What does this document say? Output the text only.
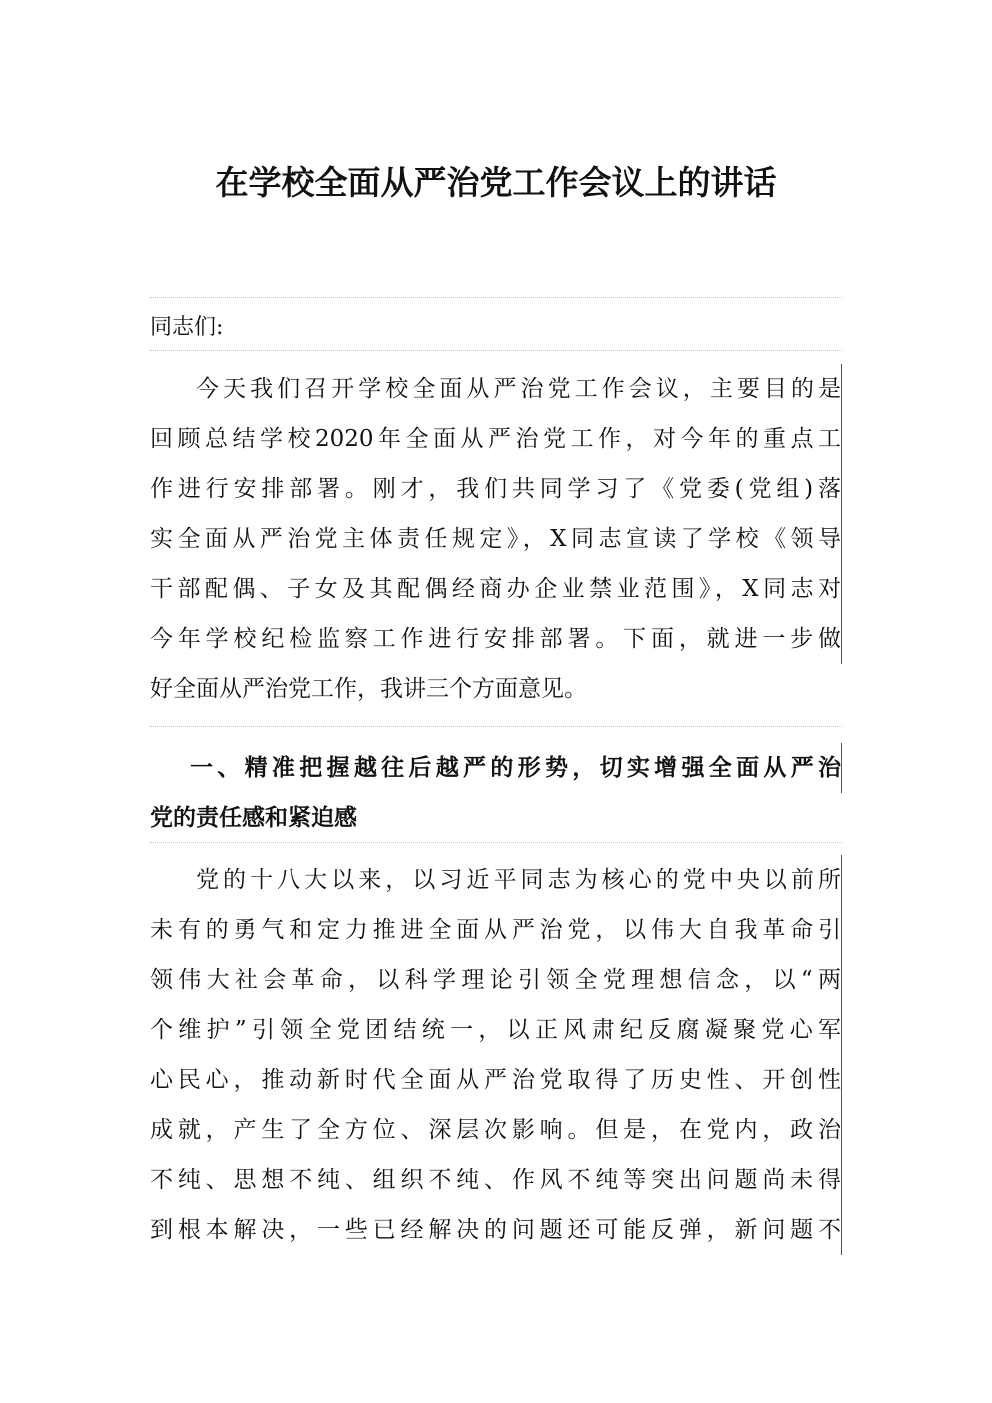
在学校全面从严治党工作会议上的讲话

同志们:

今天我们召开学校全面从严治党工作会议，主要目的是
回顾总结学校2020年全面从严治党工作，对今年的重点工
作进行安排部署。刚才，我们共同学习了《党委(党组)落
实全面从严治党主体责任规定》，X同志宣读了学校《领导
干部配偶、子女及其配偶经商办企业禁业范围》，X同志对
今年学校纪检监察工作进行安排部署。下面，就进一步做
好全面从严治党工作，我讲三个方面意见。
一、精准把握越往后越严的形势，切实增强全面从严治
党的责任感和紧迫感
党的十八大以来，以习近平同志为核心的党中央以前所
未有的勇气和定力推进全面从严治党，以伟大自我革命引
领伟大社会革命，以科学理论引领全党理想信念，以“两
个维护”引领全党团结统一，以正风肃纪反腐凝聚党心军
心民心，推动新时代全面从严治党取得了历史性、开创性
成就，产生了全方位、深层次影响。但是，在党内，政治
不纯、思想不纯、组织不纯、作风不纯等突出问题尚未得
到根本解决，一些已经解决的问题还可能反弹，新问题不
